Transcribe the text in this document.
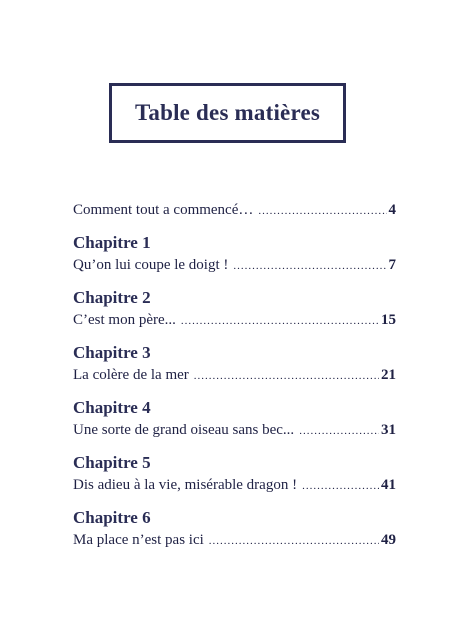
Table des matières
Comment tout a commencé… .....	4
Chapitre 1
Qu’on lui coupe le doigt ! .....	7
Chapitre 2
C’est mon père... .....	15
Chapitre 3
La colère de la mer .....	21
Chapitre 4
Une sorte de grand oiseau sans bec... .....	31
Chapitre 5
Dis adieu à la vie, misérable dragon ! .....	41
Chapitre 6
Ma place n’est pas ici .....	49
